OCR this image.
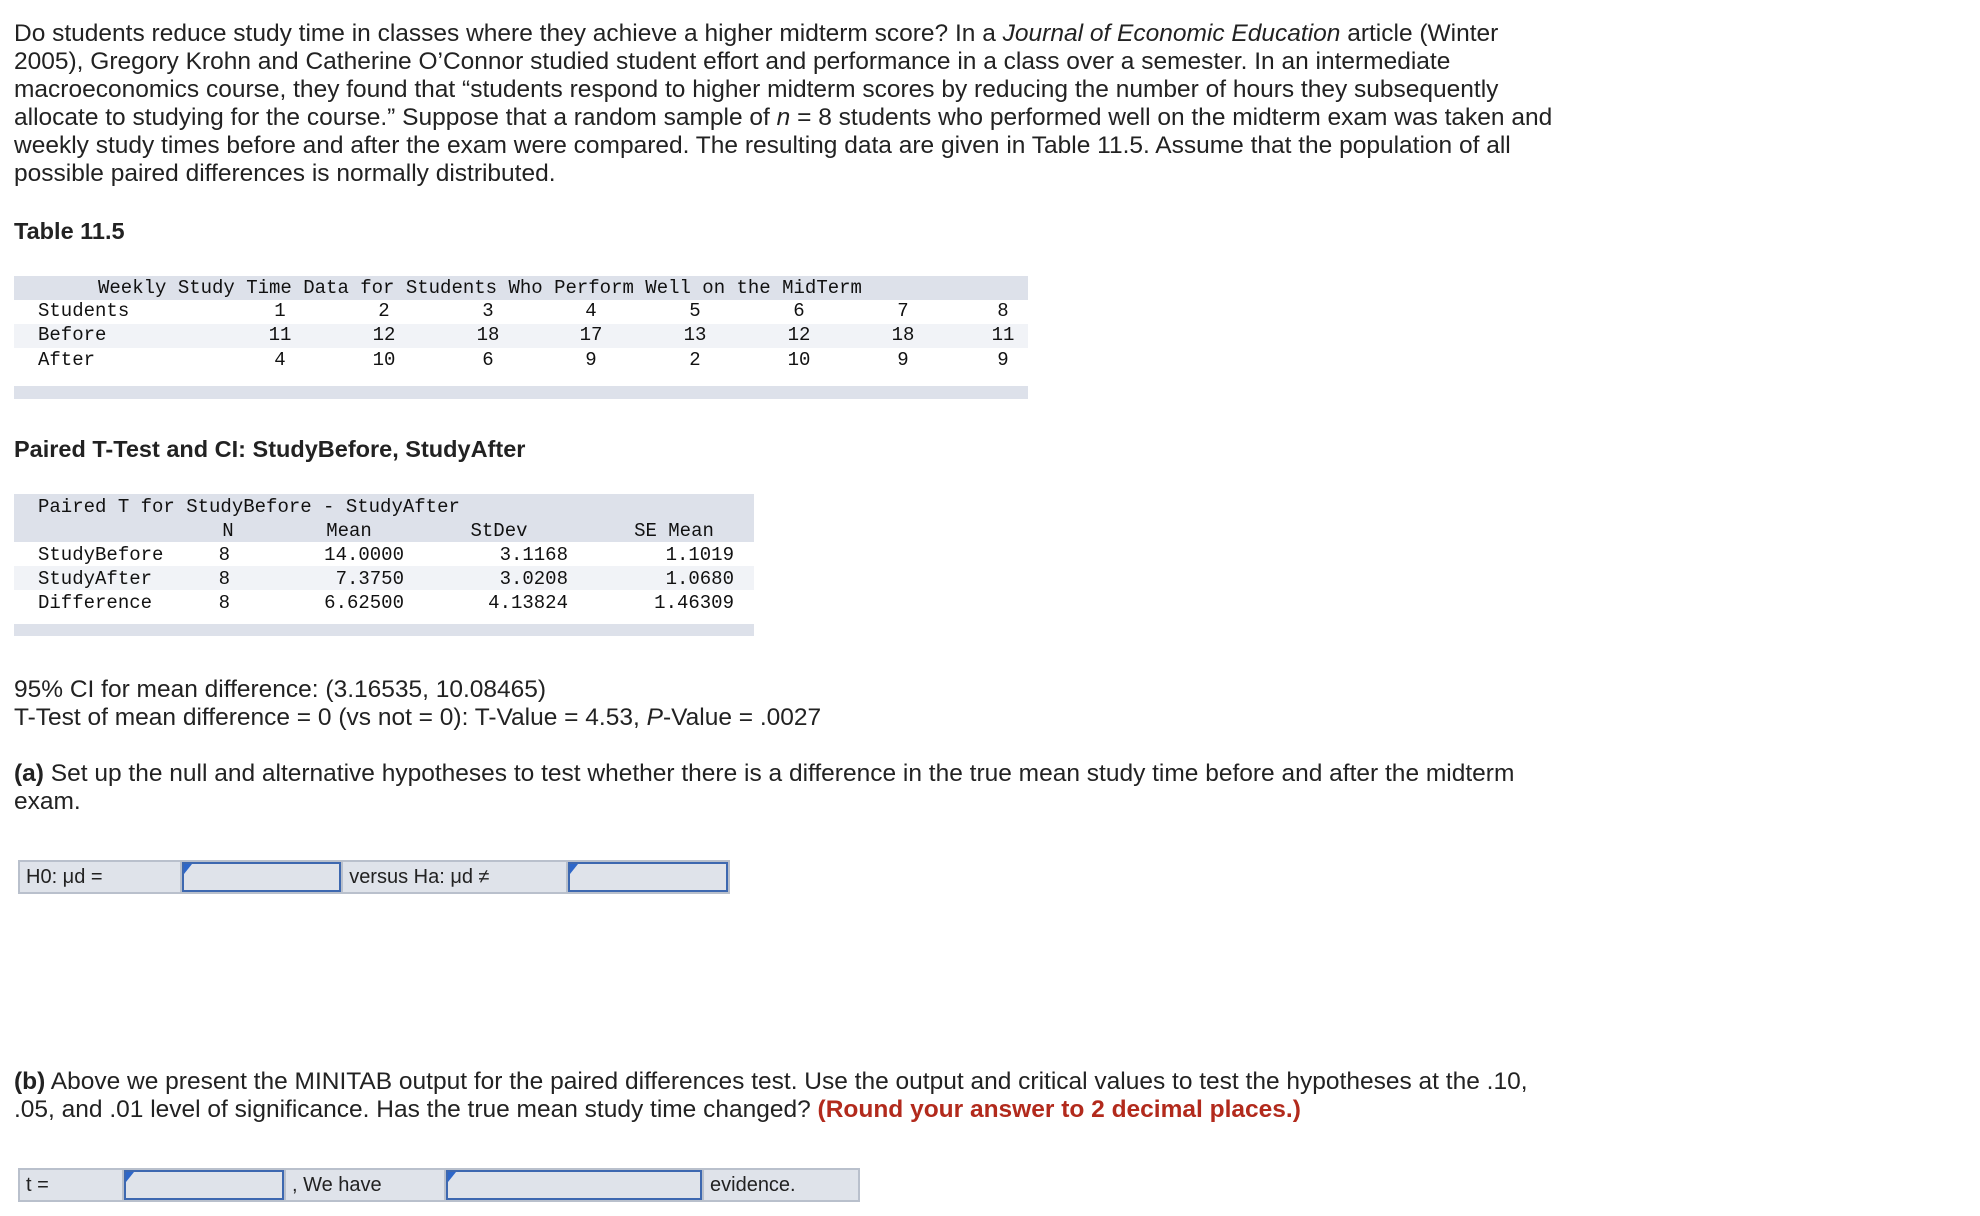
Do students reduce study time in classes where they achieve a higher midterm score? In a Journal of Economic Education article (Winter 2005), Gregory Krohn and Catherine O’Connor studied student effort and performance in a class over a semester. In an intermediate macroeconomics course, they found that “students respond to higher midterm scores by reducing the number of hours they subsequently allocate to studying for the course.” Suppose that a random sample of n = 8 students who performed well on the midterm exam was taken and weekly study times before and after the exam were compared. The resulting data are given in Table 11.5. Assume that the population of all possible paired differences is normally distributed.

Table 11.5
Weekly Study Time Data for Students Who Perform Well on the MidTerm
Students	1	2	3	4	5	6	7	8
Before	11	12	18	17	13	12	18	11
After	4	10	6	9	2	10	9	9
Paired T-Test and CI: StudyBefore, StudyAfter
Paired T for StudyBefore - StudyAfter
N	Mean	StDev	SE Mean
StudyBefore	8	14.0000	3.1168	1.1019
StudyAfter	8	7.3750	3.0208	1.0680
Difference	8	6.62500	4.13824	1.46309
95% CI for mean difference: (3.16535, 10.08465)
T-Test of mean difference = 0 (vs not = 0): T-Value = 4.53, P-Value = .0027

(a) Set up the null and alternative hypotheses to test whether there is a difference in the true mean study time before and after the midterm exam.

H0: μd =	versus Ha: μd ≠

(b) Above we present the MINITAB output for the paired differences test. Use the output and critical values to test the hypotheses at the .10, .05, and .01 level of significance. Has the true mean study time changed? (Round your answer to 2 decimal places.)

t =	, We have	evidence.
